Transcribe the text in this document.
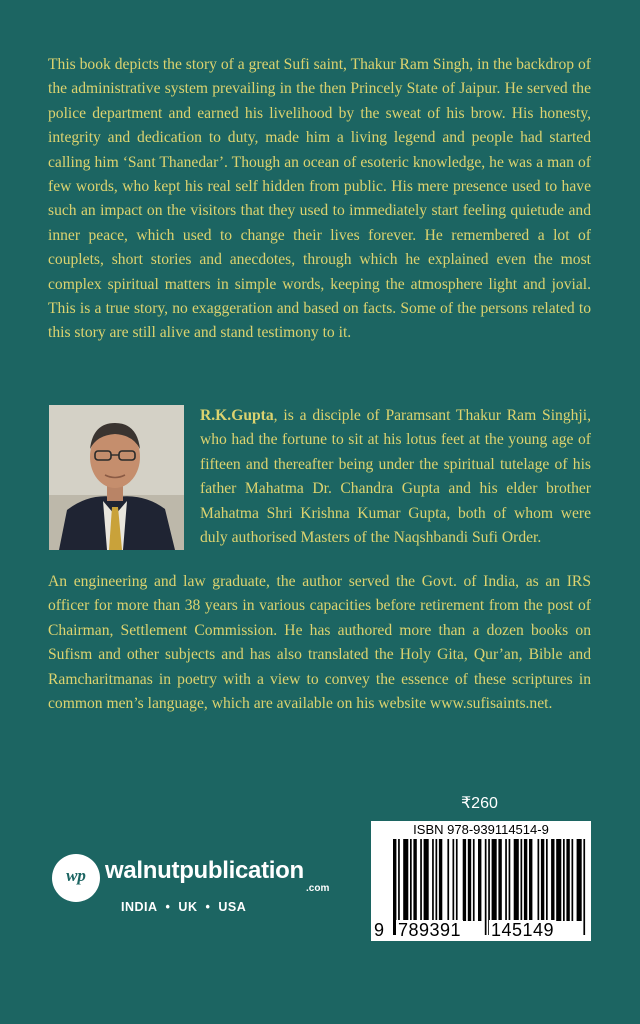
This book depicts the story of a great Sufi saint, Thakur Ram Singh, in the backdrop of the administrative system prevailing in the then Princely State of Jaipur. He served the police department and earned his livelihood by the sweat of his brow. His honesty, integrity and dedication to duty, made him a living legend and people had started calling him ‘Sant Thanedar’. Though an ocean of esoteric knowledge, he was a man of few words, who kept his real self hidden from public. His mere presence used to have such an impact on the visitors that they used to immediately start feeling quietude and inner peace, which used to change their lives forever. He remembered a lot of couplets, short stories and anecdotes, through which he explained even the most complex spiritual matters in simple words, keeping the atmosphere light and jovial. This is a true story, no exaggeration and based on facts. Some of the persons related to this story are still alive and stand testimony to it.

R.K.Gupta, is a disciple of Paramsant Thakur Ram Singhji, who had the fortune to sit at his lotus feet at the young age of fifteen and thereafter being under the spiritual tutelage of his father Mahatma Dr. Chandra Gupta and his elder brother Mahatma Shri Krishna Kumar Gupta, both of whom were duly authorised Masters of the Naqshbandi Sufi Order.

An engineering and law graduate, the author served the Govt. of India, as an IRS officer for more than 38 years in various capacities before retirement from the post of Chairman, Settlement Commission. He has authored more than a dozen books on Sufism and other subjects and has also translated the Holy Gita, Qur’an, Bible and Ramcharitmanas in poetry with a view to convey the essence of these scriptures in common men’s language, which are available on his website www.sufisaints.net.

₹260
ISBN 978-939114514-9
9 789391 145149
wp walnutpublication
.com
INDIA • UK • USA
